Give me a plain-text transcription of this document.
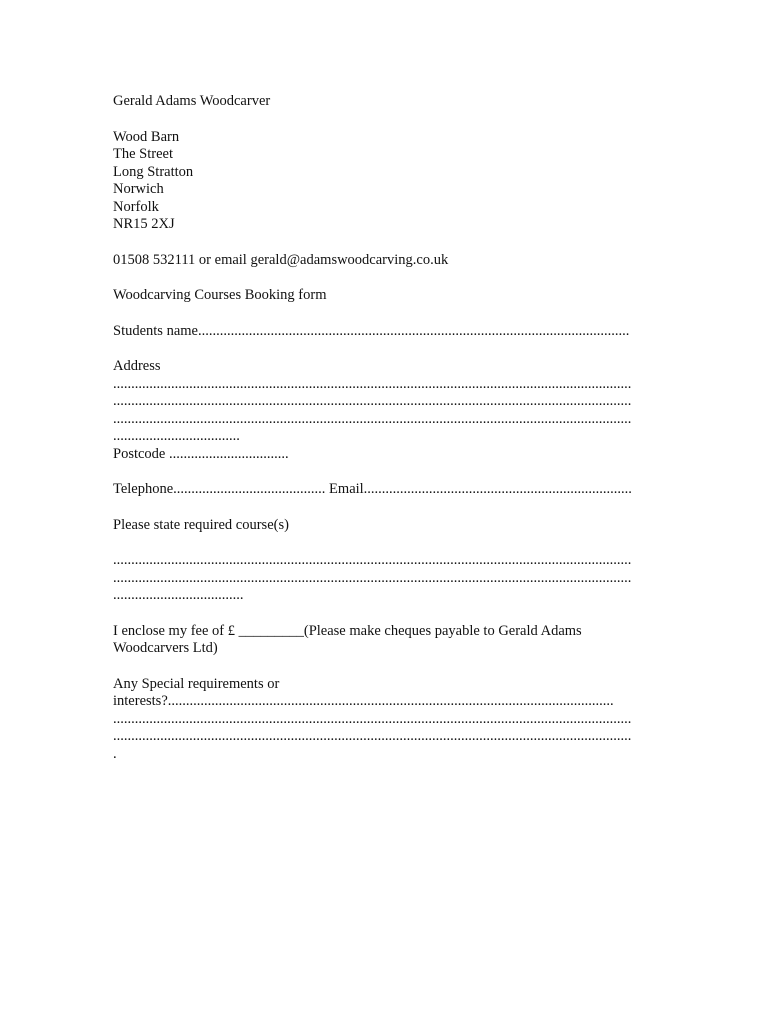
Gerald Adams Woodcarver
Wood Barn
The Street
Long Stratton
Norwich
Norfolk
NR15 2XJ
01508 532111 or email gerald@adamswoodcarving.co.uk
Woodcarving Courses Booking form
Students name.......................................................................................................................
Address
...............................................................................................................................................
...............................................................................................................................................
...............................................................................................................................................
...................................
Postcode .................................
Telephone.......................................... Email..........................................................................
Please state required course(s)
...............................................................................................................................................
...............................................................................................................................................
....................................
I enclose my fee of £ _________(Please make cheques payable to Gerald Adams
Woodcarvers Ltd)
Any Special requirements or
interests?...........................................................................................................................
...............................................................................................................................................
...............................................................................................................................................
.
